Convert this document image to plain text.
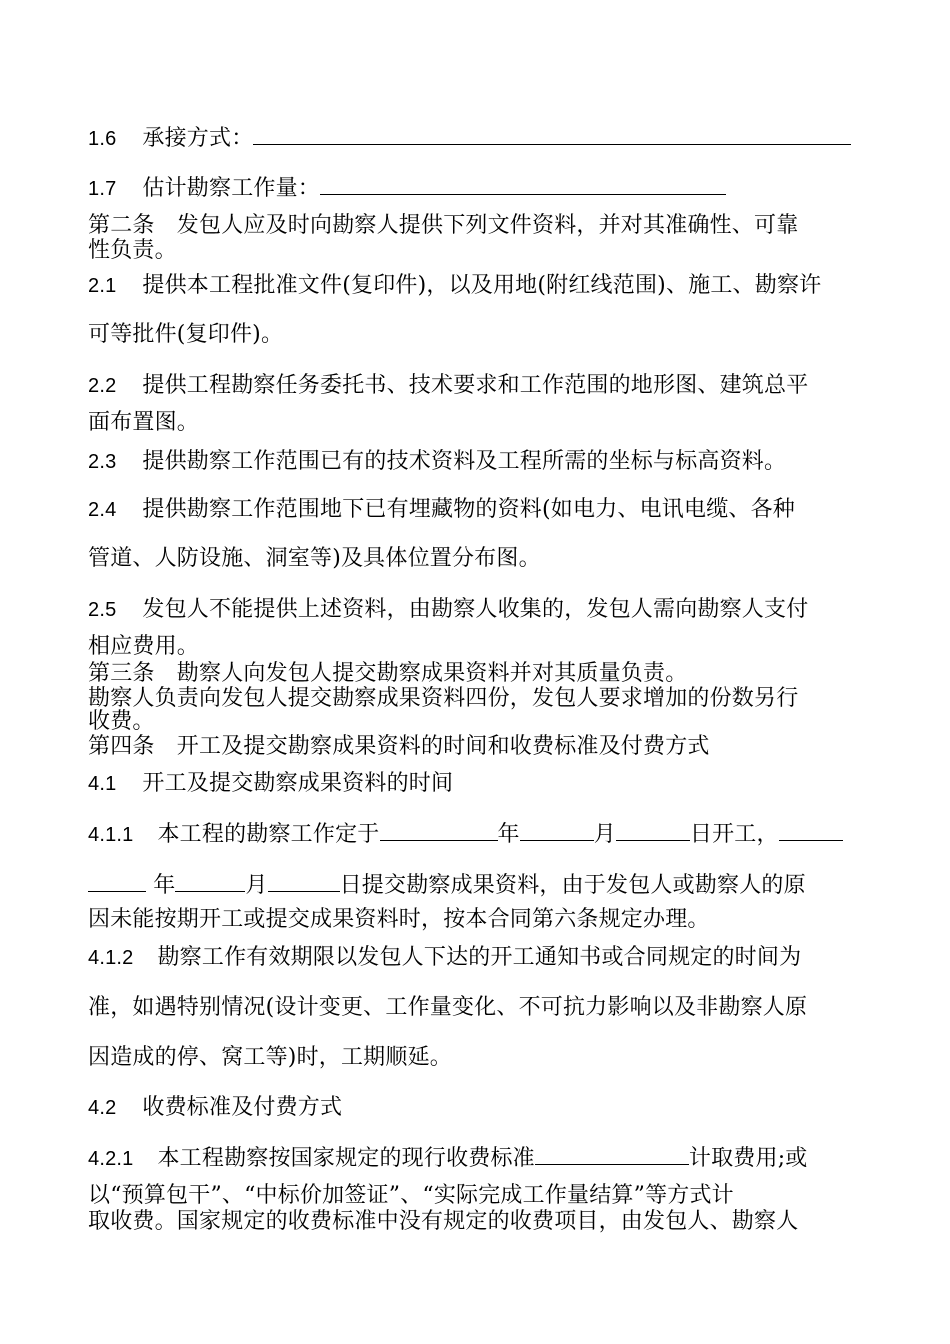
1.6 承接方式：
1.7 估计勘察工作量：
第二条　发包人应及时向勘察人提供下列文件资料，并对其准确性、可靠
性负责。
2.1 提供本工程批准文件(复印件)，以及用地(附红线范围)、施工、勘察许
可等批件(复印件)。
2.2 提供工程勘察任务委托书、技术要求和工作范围的地形图、建筑总平
面布置图。
2.3 提供勘察工作范围已有的技术资料及工程所需的坐标与标高资料。
2.4 提供勘察工作范围地下已有埋藏物的资料(如电力、电讯电缆、各种
管道、人防设施、洞室等)及具体位置分布图。
2.5 发包人不能提供上述资料，由勘察人收集的，发包人需向勘察人支付
相应费用。
第三条　勘察人向发包人提交勘察成果资料并对其质量负责。
勘察人负责向发包人提交勘察成果资料四份，发包人要求增加的份数另行
收费。
第四条　开工及提交勘察成果资料的时间和收费标准及付费方式
4.1 开工及提交勘察成果资料的时间
4.1.1 本工程的勘察工作定于	年	月	日开工，
年	月	日提交勘察成果资料，由于发包人或勘察人的原
因未能按期开工或提交成果资料时，按本合同第六条规定办理。
4.1.2 勘察工作有效期限以发包人下达的开工通知书或合同规定的时间为
准，如遇特别情况(设计变更、工作量变化、不可抗力影响以及非勘察人原
因造成的停、窝工等)时，工期顺延。
4.2 收费标准及付费方式
4.2.1 本工程勘察按国家规定的现行收费标准	计取费用;或
以“预算包干”、“中标价加签证”、“实际完成工作量结算”等方式计
取收费。国家规定的收费标准中没有规定的收费项目，由发包人、勘察人
